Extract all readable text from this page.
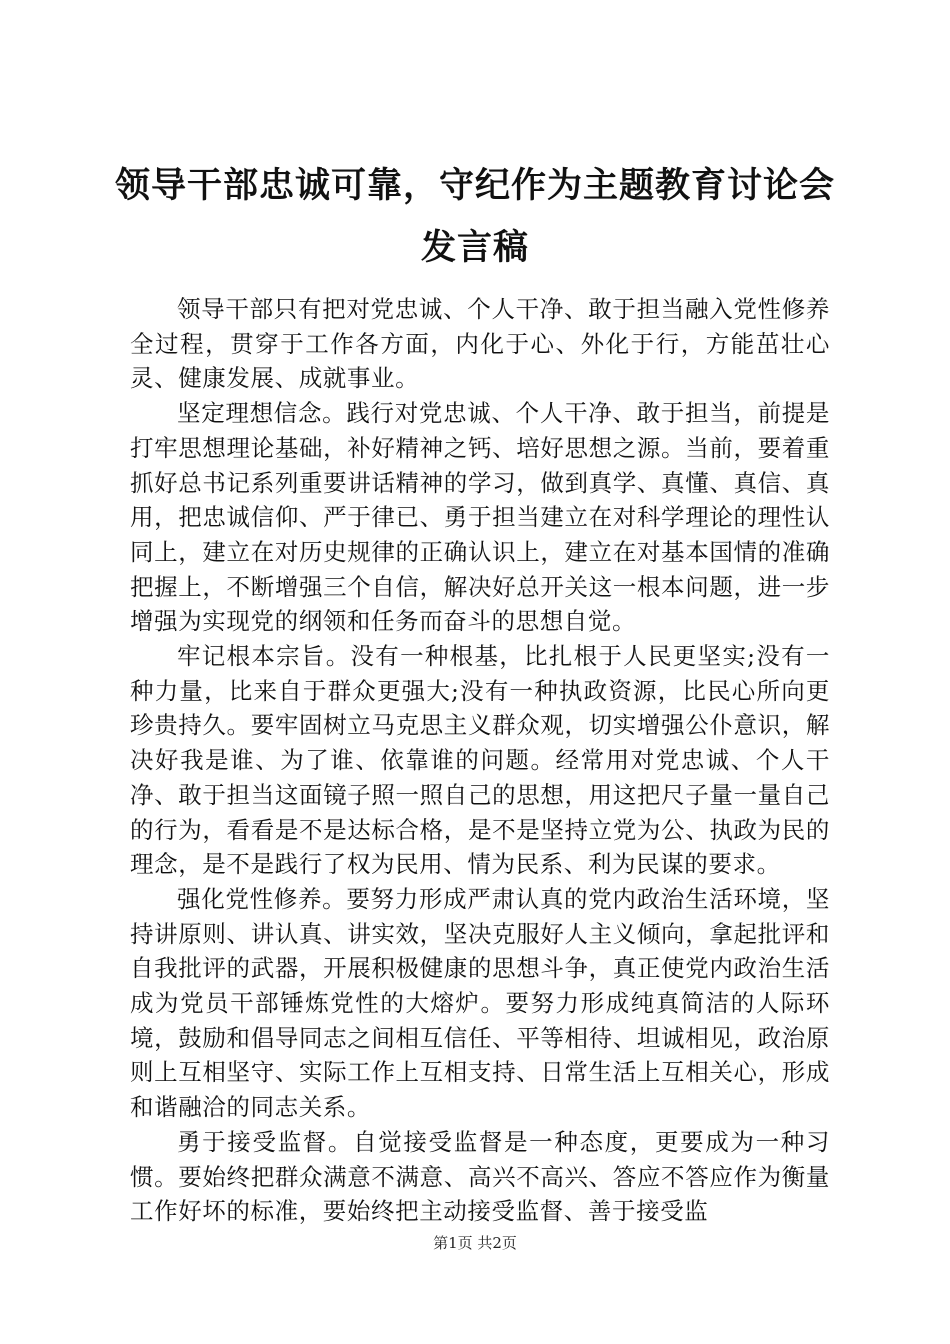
领导干部忠诚可靠，守纪作为主题教育讨论会
发言稿

领导干部只有把对党忠诚、个人干净、敢于担当融入党性修养全过程，贯穿于工作各方面，内化于心、外化于行，方能茁壮心灵、健康发展、成就事业。

坚定理想信念。践行对党忠诚、个人干净、敢于担当，前提是打牢思想理论基础，补好精神之钙、培好思想之源。当前，要着重抓好总书记系列重要讲话精神的学习，做到真学、真懂、真信、真用，把忠诚信仰、严于律已、勇于担当建立在对科学理论的理性认同上，建立在对历史规律的正确认识上，建立在对基本国情的准确把握上，不断增强三个自信，解决好总开关这一根本问题，进一步增强为实现党的纲领和任务而奋斗的思想自觉。

牢记根本宗旨。没有一种根基，比扎根于人民更坚实;没有一种力量，比来自于群众更强大;没有一种执政资源，比民心所向更珍贵持久。要牢固树立马克思主义群众观，切实增强公仆意识，解决好我是谁、为了谁、依靠谁的问题。经常用对党忠诚、个人干净、敢于担当这面镜子照一照自己的思想，用这把尺子量一量自己的行为，看看是不是达标合格，是不是坚持立党为公、执政为民的理念，是不是践行了权为民用、情为民系、利为民谋的要求。

强化党性修养。要努力形成严肃认真的党内政治生活环境，坚持讲原则、讲认真、讲实效，坚决克服好人主义倾向，拿起批评和自我批评的武器，开展积极健康的思想斗争，真正使党内政治生活成为党员干部锤炼党性的大熔炉。要努力形成纯真简洁的人际环境，鼓励和倡导同志之间相互信任、平等相待、坦诚相见，政治原则上互相坚守、实际工作上互相支持、日常生活上互相关心，形成和谐融洽的同志关系。

勇于接受监督。自觉接受监督是一种态度，更要成为一种习惯。要始终把群众满意不满意、高兴不高兴、答应不答应作为衡量工作好坏的标准，要始终把主动接受监督、善于接受监

第1页 共2页
